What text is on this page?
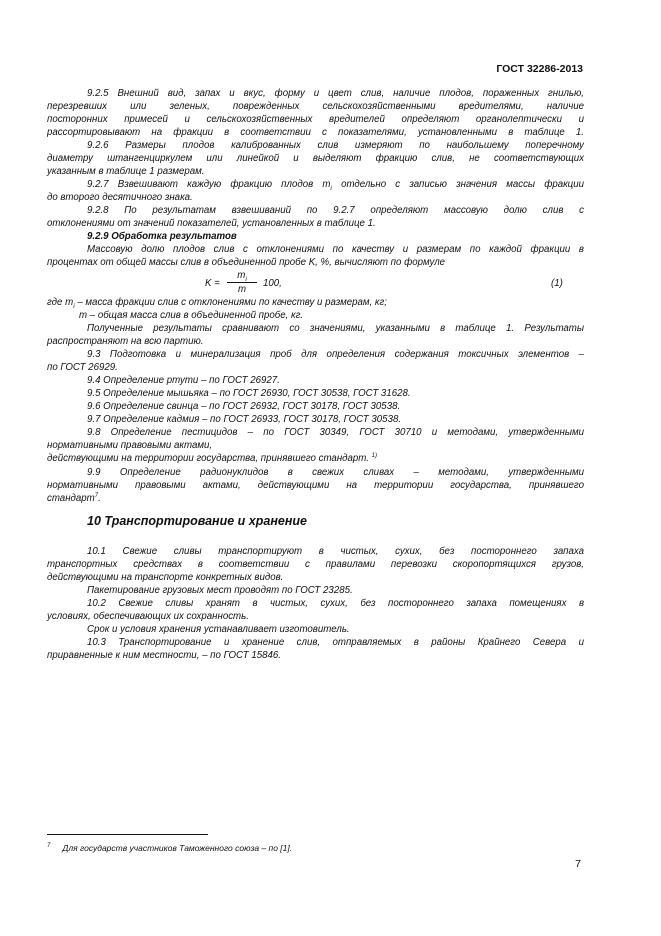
ГОСТ 32286-2013
9.2.5 Внешний вид, запах и вкус, форму и цвет слив, наличие плодов, пораженных гнилью,
перезревших или зеленых, поврежденных сельскохозяйственными вредителями, наличие
посторонних примесей и сельскохозяйственных вредителей определяют органолептически и
рассортировывают на фракции в соответствии с показателями, установленными в таблице 1.
9.2.6 Размеры плодов калиброванных слив измеряют по наибольшему поперечному
диаметру штангенциркулем или линейкой и выделяют фракцию слив, не соответствующих
указанным в таблице 1 размерам.
9.2.7 Взвешивают каждую фракцию плодов $m_i$ отдельно с записью значения массы фракции
до второго десятичного знака.
9.2.8 По результатам взвешиваний по 9.2.7 определяют массовую долю слив с
отклонениями от значений показателей, установленных в таблице 1.
9.2.9 Обработка результатов
Массовую долю плодов слив с отклонениями по качеству и размерам по каждой фракции в
процентах от общей массы слив в объединенной пробе K, %, вычисляют по формуле
K =
$m_i$
m
100,	(1)
где $m_i$ – масса фракции слив с отклонениями по качеству и размерам, кг;
m – общая масса слив в объединенной пробе, кг.
Полученные результаты сравнивают со значениями, указанными в таблице 1. Результаты
распространяют на всю партию.
9.3 Подготовка и минерализация проб для определения содержания токсичных элементов –
по ГОСТ 26929.
9.4 Определение ртути – по ГОСТ 26927.
9.5 Определение мышьяка – по ГОСТ 26930, ГОСТ 30538, ГОСТ 31628.
9.6 Определение свинца – по ГОСТ 26932, ГОСТ 30178, ГОСТ 30538.
9.7 Определение кадмия – по ГОСТ 26933, ГОСТ 30178, ГОСТ 30538.
9.8 Определение пестицидов – по ГОСТ 30349, ГОСТ 30710 и методами, утвержденными
нормативными правовыми актами,
действующими на территории государства, принявшего стандарт. $^{1)}$
9.9 Определение радионуклидов в свежих сливах – методами, утвержденными
нормативными правовыми актами, действующими на территории государства, принявшего
стандарт$^7$.
10 Транспортирование и хранение
10.1 Свежие сливы транспортируют в чистых, сухих, без постороннего запаха
транспортных средствах в соответствии с правилами перевозки скоропортящихся грузов,
действующими на транспорте конкретных видов.
Пакетирование грузовых мест проводят по ГОСТ 23285.
10.2 Свежие сливы хранят в чистых, сухих, без постороннего запаха помещениях в
условиях, обеспечивающих их сохранность.
Срок и условия хранения устанавливает изготовитель.
10.3 Транспортирование и хранение слив, отправляемых в районы Крайнего Севера и
приравненные к ним местности, – по ГОСТ 15846.
$^7$ Для государств участников Таможенного союза – по [1].
7
